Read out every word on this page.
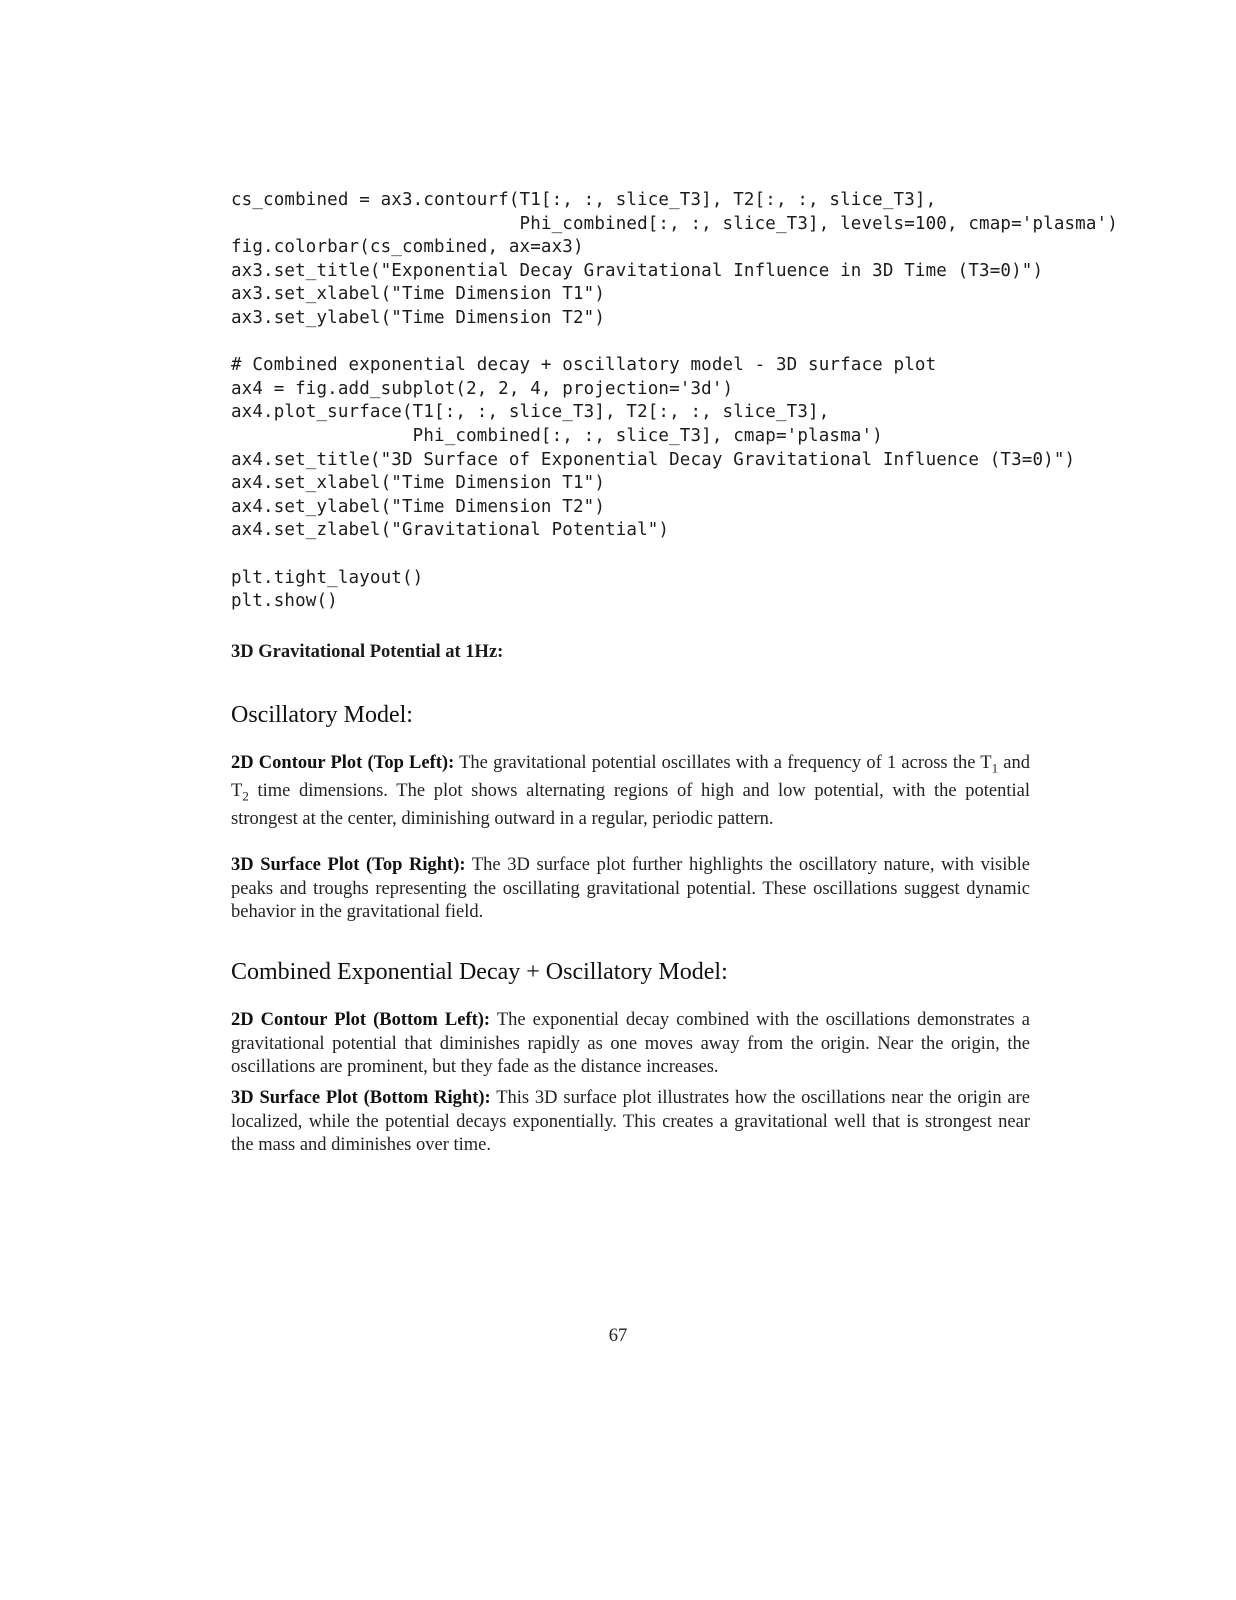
cs_combined = ax3.contourf(T1[:, :, slice_T3], T2[:, :, slice_T3],
Phi_combined[:, :, slice_T3], levels=100, cmap='plasma')
fig.colorbar(cs_combined, ax=ax3)
ax3.set_title("Exponential Decay Gravitational Influence in 3D Time (T3=0)")
ax3.set_xlabel("Time Dimension T1")
ax3.set_ylabel("Time Dimension T2")
# Combined exponential decay + oscillatory model - 3D surface plot
ax4 = fig.add_subplot(2, 2, 4, projection='3d')
ax4.plot_surface(T1[:, :, slice_T3], T2[:, :, slice_T3],
Phi_combined[:, :, slice_T3], cmap='plasma')
ax4.set_title("3D Surface of Exponential Decay Gravitational Influence (T3=0)")
ax4.set_xlabel("Time Dimension T1")
ax4.set_ylabel("Time Dimension T2")
ax4.set_zlabel("Gravitational Potential")
plt.tight_layout()
plt.show()
3D Gravitational Potential at 1Hz:
Oscillatory Model:

2D Contour Plot (Top Left): The gravitational potential oscillates with a frequency of 1 across the $T_1$ and $T_2$ time dimensions. The plot shows alternating regions of high and low potential, with the potential strongest at the center, diminishing outward in a regular, periodic pattern.

3D Surface Plot (Top Right): The 3D surface plot further highlights the oscillatory nature, with visible peaks and troughs representing the oscillating gravitational potential. These oscillations suggest dynamic behavior in the gravitational field.

Combined Exponential Decay + Oscillatory Model:

2D Contour Plot (Bottom Left): The exponential decay combined with the oscillations demonstrates a gravitational potential that diminishes rapidly as one moves away from the origin. Near the origin, the oscillations are prominent, but they fade as the distance increases.

3D Surface Plot (Bottom Right): This 3D surface plot illustrates how the oscillations near the origin are localized, while the potential decays exponentially. This creates a gravitational well that is strongest near the mass and diminishes over time.

67
